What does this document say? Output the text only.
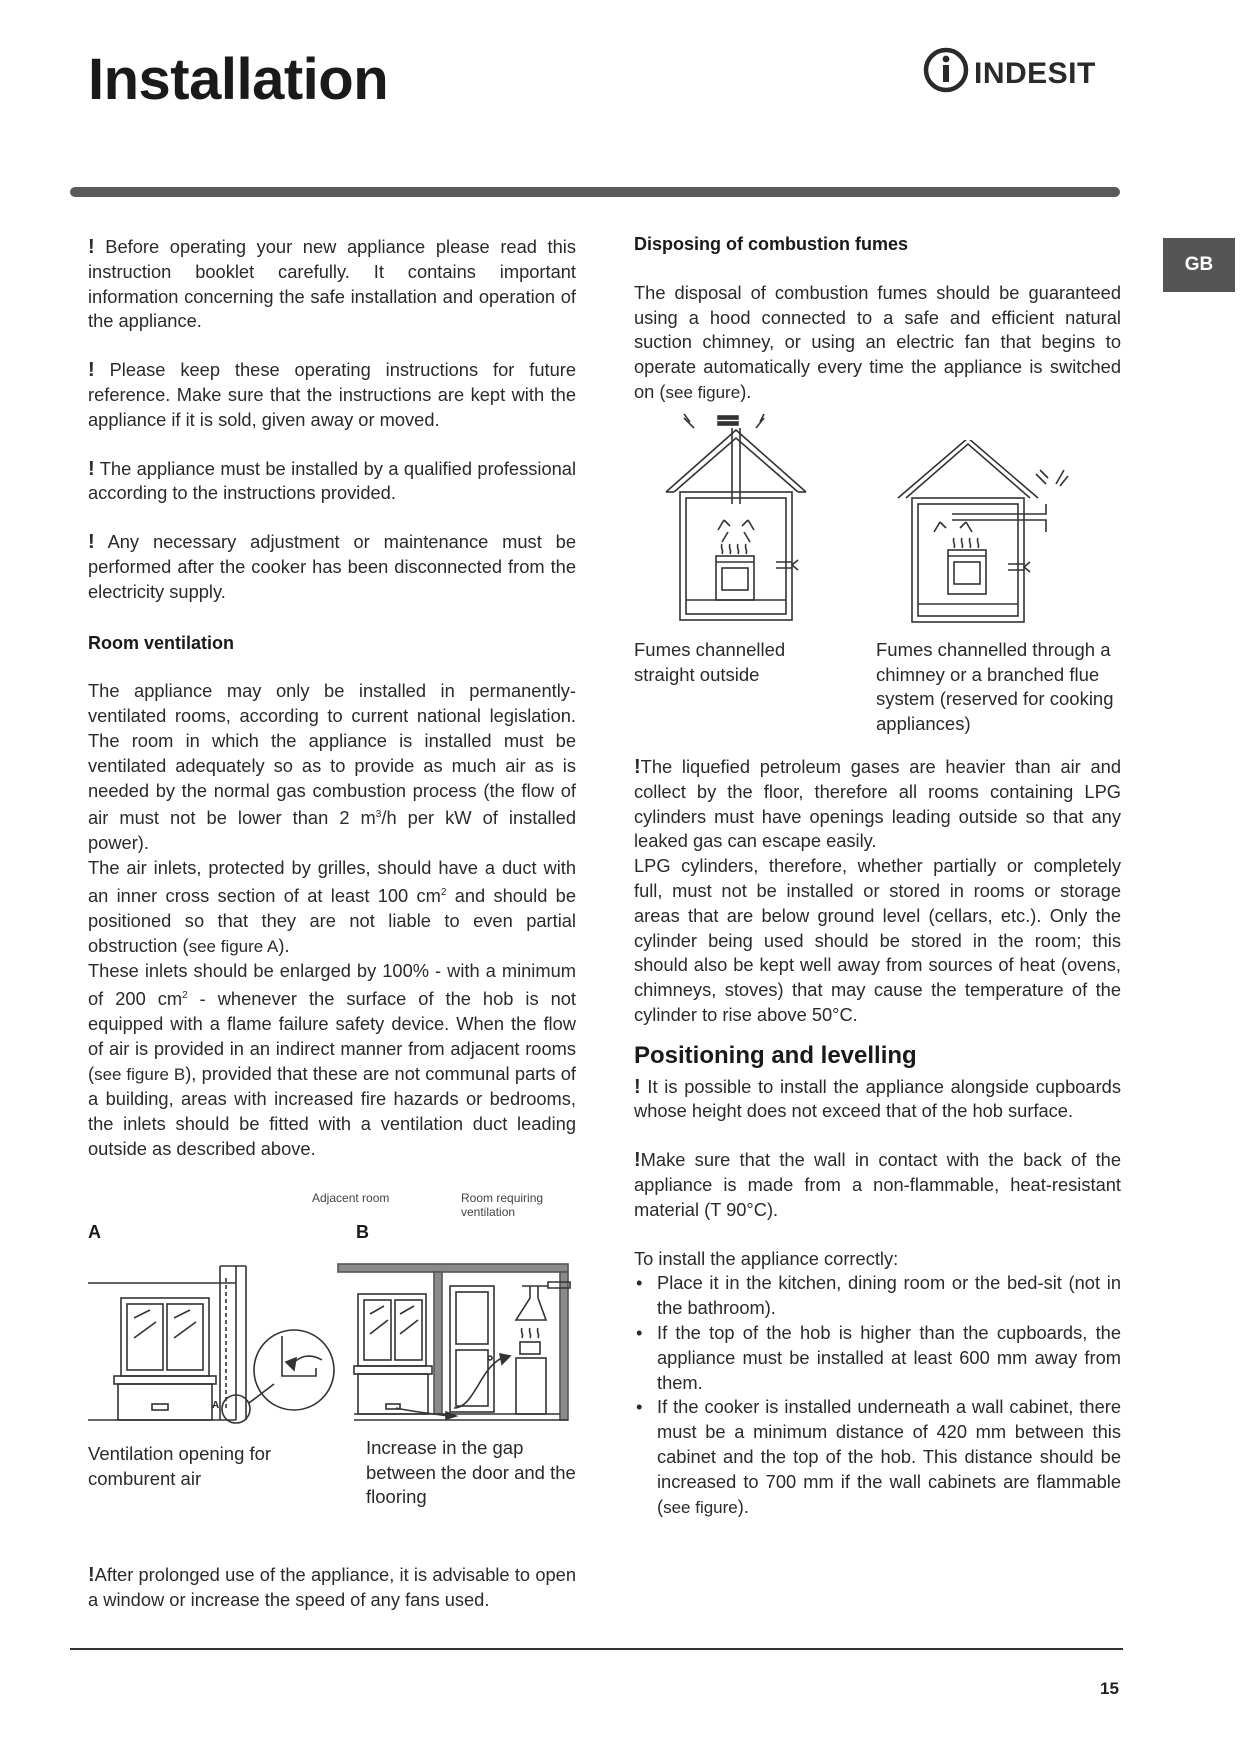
Installation	INDESIT
GB

! Before operating your new appliance please read this instruction booklet carefully. It contains important information concerning the safe installation and operation of the appliance.

! Please keep these operating instructions for future reference. Make sure that the instructions are kept with the appliance if it is sold, given away or moved.

! The appliance must be installed by a qualified professional according to the instructions provided.

! Any necessary adjustment or maintenance must be performed after the cooker has been disconnected from the electricity supply.

Room ventilation

The appliance may only be installed in permanently-ventilated rooms, according to current national legislation. The room in which the appliance is installed must be ventilated adequately so as to provide as much air as is needed by the normal gas combustion process (the flow of air must not be lower than 2 $m^3/h$ per kW of installed power).

The air inlets, protected by grilles, should have a duct with an inner cross section of at least 100 $cm^2$ and should be positioned so that they are not liable to even partial obstruction (see figure A).

These inlets should be enlarged by 100% - with a minimum of 200 $cm^2$ - whenever the surface of the hob is not equipped with a flame failure safety device. When the flow of air is provided in an indirect manner from adjacent rooms (see figure B), provided that these are not communal parts of a building, areas with increased fire hazards or bedrooms, the inlets should be fitted with a ventilation duct leading outside as described above.

Adjacent room	Room requiring ventilation
A	B
A
Ventilation opening for comburent air
Increase in the gap between the door and the flooring

!After prolonged use of the appliance, it is advisable to open a window or increase the speed of any fans used.

Disposing of combustion fumes

The disposal of combustion fumes should be guaranteed using a hood connected to a safe and efficient natural suction chimney, or using an electric fan that begins to operate automatically every time the appliance is switched on (see figure).

Fumes channelled straight outside
Fumes channelled through a chimney or a branched flue system (reserved for cooking appliances)

!The liquefied petroleum gases are heavier than air and collect by the floor, therefore all rooms containing LPG cylinders must have openings leading outside so that any leaked gas can escape easily.

LPG cylinders, therefore, whether partially or completely full, must not be installed or stored in rooms or storage areas that are below ground level (cellars, etc.). Only the cylinder being used should be stored in the room; this should also be kept well away from sources of heat (ovens, chimneys, stoves) that may cause the temperature of the cylinder to rise above 50°C.

Positioning and levelling

! It is possible to install the appliance alongside cupboards whose height does not exceed that of the hob surface.

!Make sure that the wall in contact with the back of the appliance is made from a non-flammable, heat-resistant material (T 90°C).

To install the appliance correctly:

• Place it in the kitchen, dining room or the bed-sit (not in the bathroom).
• If the top of the hob is higher than the cupboards, the appliance must be installed at least 600 mm away from them.
• If the cooker is installed underneath a wall cabinet, there must be a minimum distance of 420 mm between this cabinet and the top of the hob. This distance should be increased to 700 mm if the wall cabinets are flammable (see figure).
15
